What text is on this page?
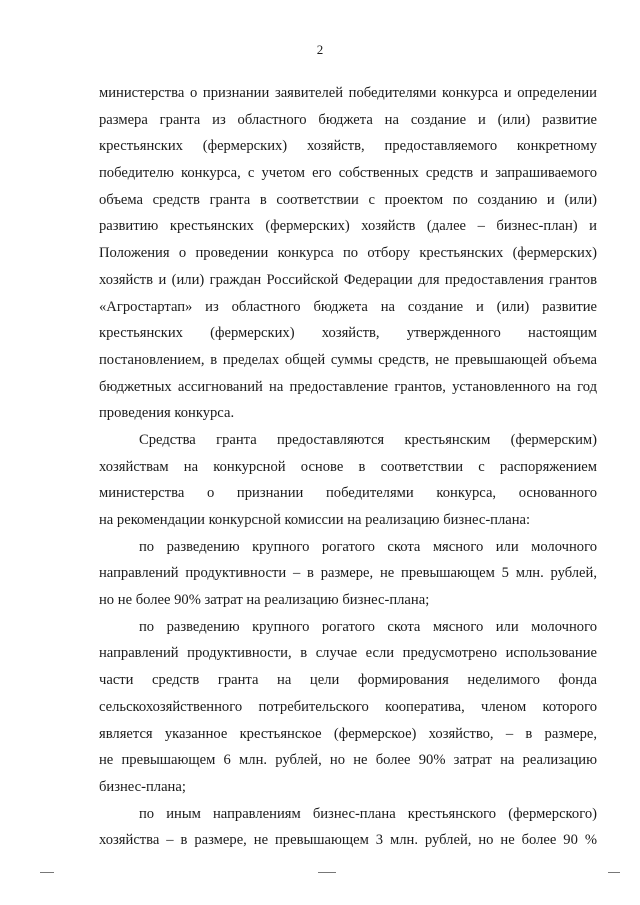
2
министерства о признании заявителей победителями конкурса и определении
размера гранта из областного бюджета на создание и (или) развитие
крестьянских (фермерских) хозяйств, предоставляемого конкретному
победителю конкурса, с учетом его собственных средств и запрашиваемого
объема средств гранта в соответствии с проектом по созданию и (или)
развитию крестьянских (фермерских) хозяйств (далее – бизнес-план) и
Положения о проведении конкурса по отбору крестьянских (фермерских)
хозяйств и (или) граждан Российской Федерации для предоставления грантов
«Агростартап» из областного бюджета на создание и (или) развитие
крестьянских (фермерских) хозяйств, утвержденного настоящим
постановлением, в пределах общей суммы средств, не превышающей объема
бюджетных ассигнований на предоставление грантов, установленного на год
проведения конкурса.
Средства гранта предоставляются крестьянским (фермерским)
хозяйствам на конкурсной основе в соответствии с распоряжением
министерства о признании победителями конкурса, основанного
на рекомендации конкурсной комиссии на реализацию бизнес-плана:
по разведению крупного рогатого скота мясного или молочного
направлений продуктивности – в размере, не превышающем 5 млн. рублей,
но не более 90% затрат на реализацию бизнес-плана;
по разведению крупного рогатого скота мясного или молочного
направлений продуктивности, в случае если предусмотрено использование
части средств гранта на цели формирования неделимого фонда
сельскохозяйственного потребительского кооператива, членом которого
является указанное крестьянское (фермерское) хозяйство, – в размере,
не превышающем 6 млн. рублей, но не более 90% затрат на реализацию
бизнес-плана;
по иным направлениям бизнес-плана крестьянского (фермерского)
хозяйства – в размере, не превышающем 3 млн. рублей, но не более 90 %
